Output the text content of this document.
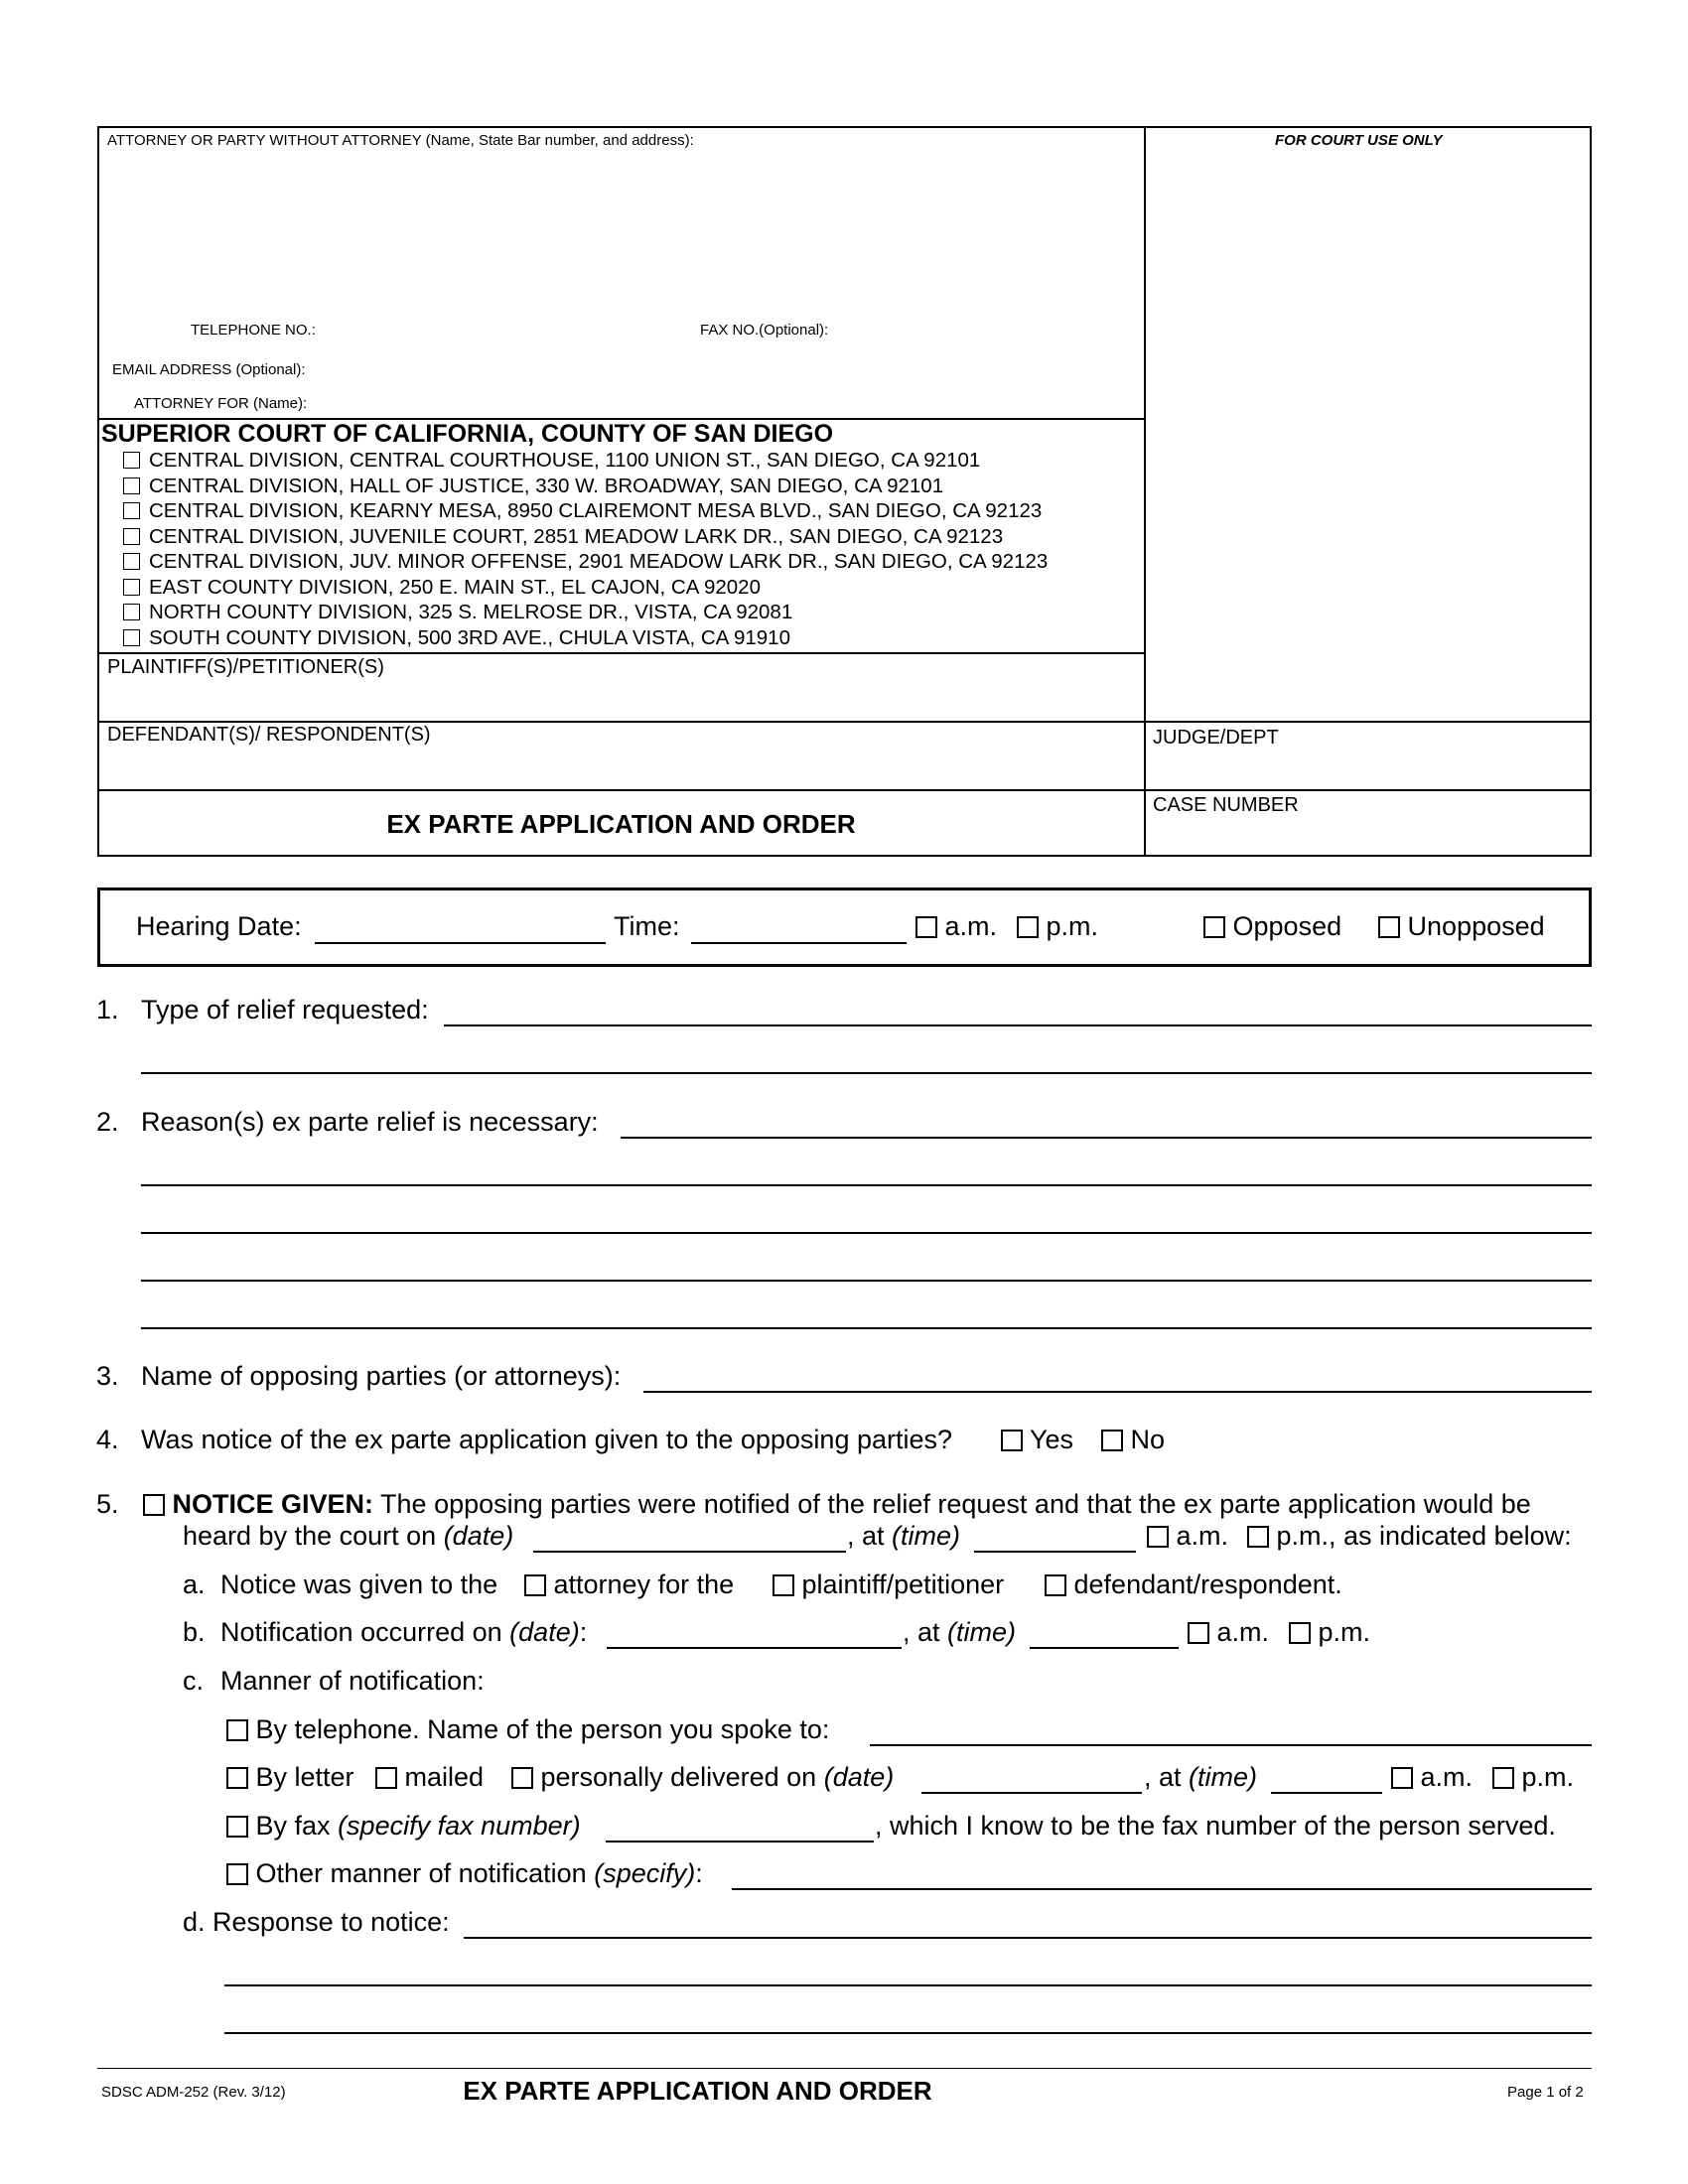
ATTORNEY OR PARTY WITHOUT ATTORNEY (Name, State Bar number, and address):	FOR COURT USE ONLY
TELEPHONE NO.:	FAX NO.(Optional):
EMAIL ADDRESS (Optional):
ATTORNEY FOR (Name):
SUPERIOR COURT OF CALIFORNIA, COUNTY OF SAN DIEGO
CENTRAL DIVISION, CENTRAL COURTHOUSE, 1100 UNION ST., SAN DIEGO, CA 92101
CENTRAL DIVISION, HALL OF JUSTICE, 330 W. BROADWAY, SAN DIEGO, CA 92101
CENTRAL DIVISION, KEARNY MESA, 8950 CLAIREMONT MESA BLVD., SAN DIEGO, CA 92123
CENTRAL DIVISION, JUVENILE COURT, 2851 MEADOW LARK DR., SAN DIEGO, CA 92123
CENTRAL DIVISION, JUV. MINOR OFFENSE, 2901 MEADOW LARK DR., SAN DIEGO, CA 92123
EAST COUNTY DIVISION, 250 E. MAIN ST., EL CAJON, CA 92020
NORTH COUNTY DIVISION, 325 S. MELROSE DR., VISTA, CA 92081
SOUTH COUNTY DIVISION, 500 3RD AVE., CHULA VISTA, CA 91910
PLAINTIFF(S)/PETITIONER(S)
DEFENDANT(S)/ RESPONDENT(S)	JUDGE/DEPT
CASE NUMBER
EX PARTE APPLICATION AND ORDER
Hearing Date:	Time:	a.m.	p.m.	Opposed	Unopposed
1. Type of relief requested:
2. Reason(s) ex parte relief is necessary:
3. Name of opposing parties (or attorneys):
4. Was notice of the ex parte application given to the opposing parties?	Yes	No
5.	NOTICE GIVEN: The opposing parties were notified of the relief request and that the ex parte application would be
heard by the court on (date)	, at (time)	a.m.	p.m., as indicated below:
a. Notice was given to the	attorney for the	plaintiff/petitioner	defendant/respondent.
b. Notification occurred on (date):	, at (time)	a.m.	p.m.
c. Manner of notification:
By telephone. Name of the person you spoke to:
By letter	mailed	personally delivered on (date)	, at (time)	a.m.	p.m.
By fax (specify fax number)	, which I know to be the fax number of the person served.
Other manner of notification (specify):
d. Response to notice:
SDSC ADM-252 (Rev. 3/12)	EX PARTE APPLICATION AND ORDER	Page 1 of 2
